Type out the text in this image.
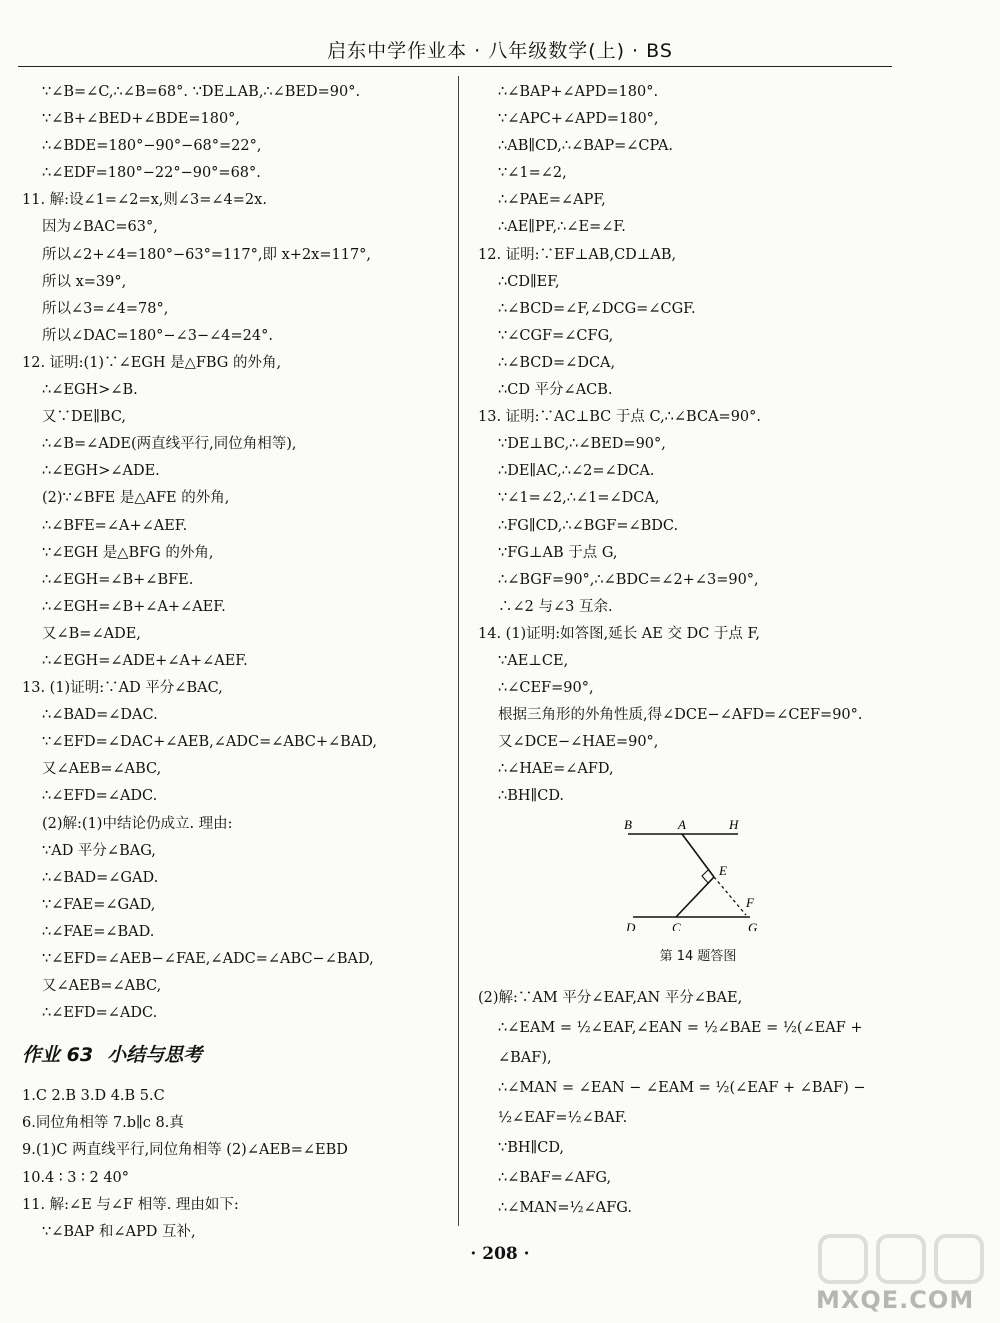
启东中学作业本 · 八年级数学(上) · BS
∵∠B=∠C,∴∠B=68°. ∵DE⊥AB,∴∠BED=90°.
∵∠B+∠BED+∠BDE=180°,
∴∠BDE=180°−90°−68°=22°,
∴∠EDF=180°−22°−90°=68°.
11. 解:设∠1=∠2=x,则∠3=∠4=2x.
因为∠BAC=63°,
所以∠2+∠4=180°−63°=117°,即 x+2x=117°,
所以 x=39°,
所以∠3=∠4=78°,
所以∠DAC=180°−∠3−∠4=24°.
12. 证明:(1)∵∠EGH 是△FBG 的外角,
∴∠EGH>∠B.
又∵DE∥BC,
∴∠B=∠ADE(两直线平行,同位角相等),
∴∠EGH>∠ADE.
(2)∵∠BFE 是△AFE 的外角,
∴∠BFE=∠A+∠AEF.
∵∠EGH 是△BFG 的外角,
∴∠EGH=∠B+∠BFE.
∴∠EGH=∠B+∠A+∠AEF.
又∠B=∠ADE,
∴∠EGH=∠ADE+∠A+∠AEF.
13. (1)证明:∵AD 平分∠BAC,
∴∠BAD=∠DAC.
∵∠EFD=∠DAC+∠AEB,∠ADC=∠ABC+∠BAD,
又∠AEB=∠ABC,
∴∠EFD=∠ADC.
(2)解:(1)中结论仍成立. 理由:
∵AD 平分∠BAG,
∴∠BAD=∠GAD.
∵∠FAE=∠GAD,
∴∠FAE=∠BAD.
∵∠EFD=∠AEB−∠FAE,∠ADC=∠ABC−∠BAD,
又∠AEB=∠ABC,
∴∠EFD=∠ADC.
作业 63 小结与思考
1.C 2.B 3.D 4.B 5.C
6.同位角相等 7.b∥c 8.真
9.(1)C 两直线平行,同位角相等 (2)∠AEB=∠EBD
10.4 ∶ 3 ∶ 2 40°
11. 解:∠E 与∠F 相等. 理由如下:
∵∠BAP 和∠APD 互补,
∴∠BAP+∠APD=180°.
∵∠APC+∠APD=180°,
∴AB∥CD,∴∠BAP=∠CPA.
∵∠1=∠2,
∴∠PAE=∠APF,
∴AE∥PF,∴∠E=∠F.
12. 证明:∵EF⊥AB,CD⊥AB,
∴CD∥EF,
∴∠BCD=∠F,∠DCG=∠CGF.
∵∠CGF=∠CFG,
∴∠BCD=∠DCA,
∴CD 平分∠ACB.
13. 证明:∵AC⊥BC 于点 C,∴∠BCA=90°.
∵DE⊥BC,∴∠BED=90°,
∴DE∥AC,∴∠2=∠DCA.
∵∠1=∠2,∴∠1=∠DCA,
∴FG∥CD,∴∠BGF=∠BDC.
∵FG⊥AB 于点 G,
∴∠BGF=90°,∴∠BDC=∠2+∠3=90°,
∴∠2 与∠3 互余.
14. (1)证明:如答图,延长 AE 交 DC 于点 F,
∵AE⊥CE,
∴∠CEF=90°,
根据三角形的外角性质,得∠DCE−∠AFD=∠CEF=90°.
又∠DCE−∠HAE=90°,
∴∠HAE=∠AFD,
∴BH∥CD.
B	A	H
E
F
D	C	G
第 14 题答图
(2)解:∵AM 平分∠EAF,AN 平分∠BAE,
∴∠EAM = ½∠EAF,∠EAN = ½∠BAE = ½(∠EAF +
∠BAF),
∴∠MAN = ∠EAN − ∠EAM = ½(∠EAF + ∠BAF) −
½∠EAF=½∠BAF.
∵BH∥CD,
∴∠BAF=∠AFG,
∴∠MAN=½∠AFG.
· 208 ·
MXQE.COM
